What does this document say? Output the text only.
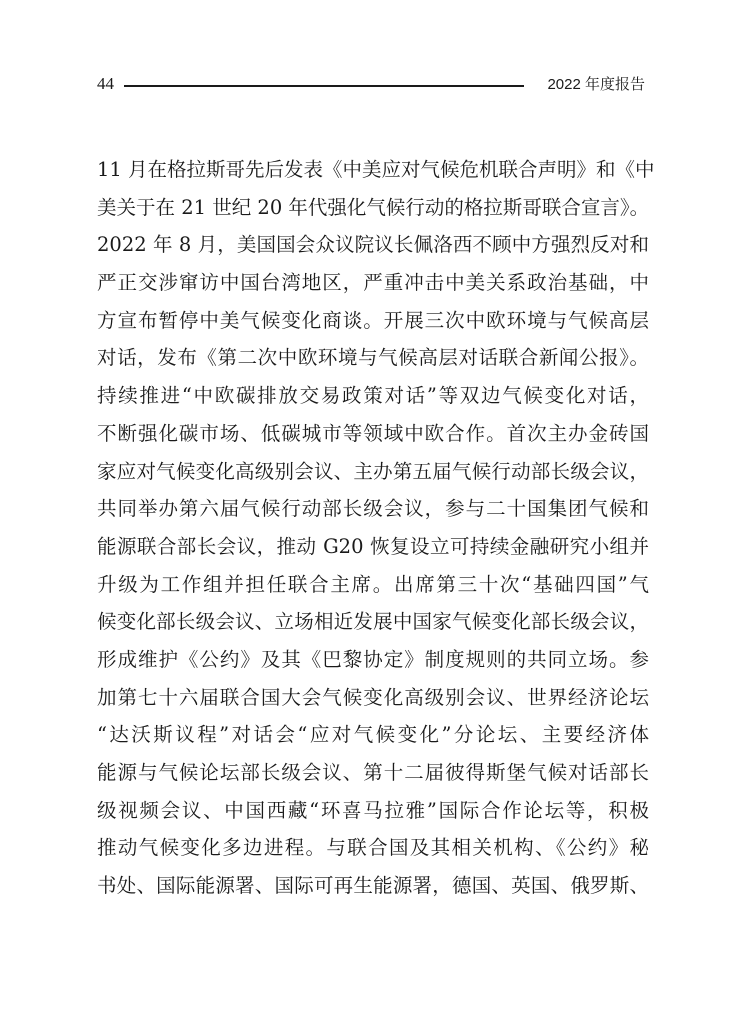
44	2022 年度报告
11 月在格拉斯哥先后发表《中美应对气候危机联合声明》和《中
美关于在 21 世纪 20 年代强化气候行动的格拉斯哥联合宣言》。
2022 年 8 月，美国国会众议院议长佩洛西不顾中方强烈反对和
严正交涉窜访中国台湾地区，严重冲击中美关系政治基础，中
方宣布暂停中美气候变化商谈。开展三次中欧环境与气候高层
对话，发布《第二次中欧环境与气候高层对话联合新闻公报》。
持续推进“中欧碳排放交易政策对话”等双边气候变化对话，
不断强化碳市场、低碳城市等领域中欧合作。首次主办金砖国
家应对气候变化高级别会议、主办第五届气候行动部长级会议，
共同举办第六届气候行动部长级会议，参与二十国集团气候和
能源联合部长会议，推动 G20 恢复设立可持续金融研究小组并
升级为工作组并担任联合主席。出席第三十次“基础四国”气
候变化部长级会议、立场相近发展中国家气候变化部长级会议，
形成维护《公约》及其《巴黎协定》制度规则的共同立场。参
加第七十六届联合国大会气候变化高级别会议、世界经济论坛
“达沃斯议程”对话会“应对气候变化”分论坛、主要经济体
能源与气候论坛部长级会议、第十二届彼得斯堡气候对话部长
级视频会议、中国西藏“环喜马拉雅”国际合作论坛等，积极
推动气候变化多边进程。与联合国及其相关机构、《公约》秘
书处、国际能源署、国际可再生能源署，德国、英国、俄罗斯、
